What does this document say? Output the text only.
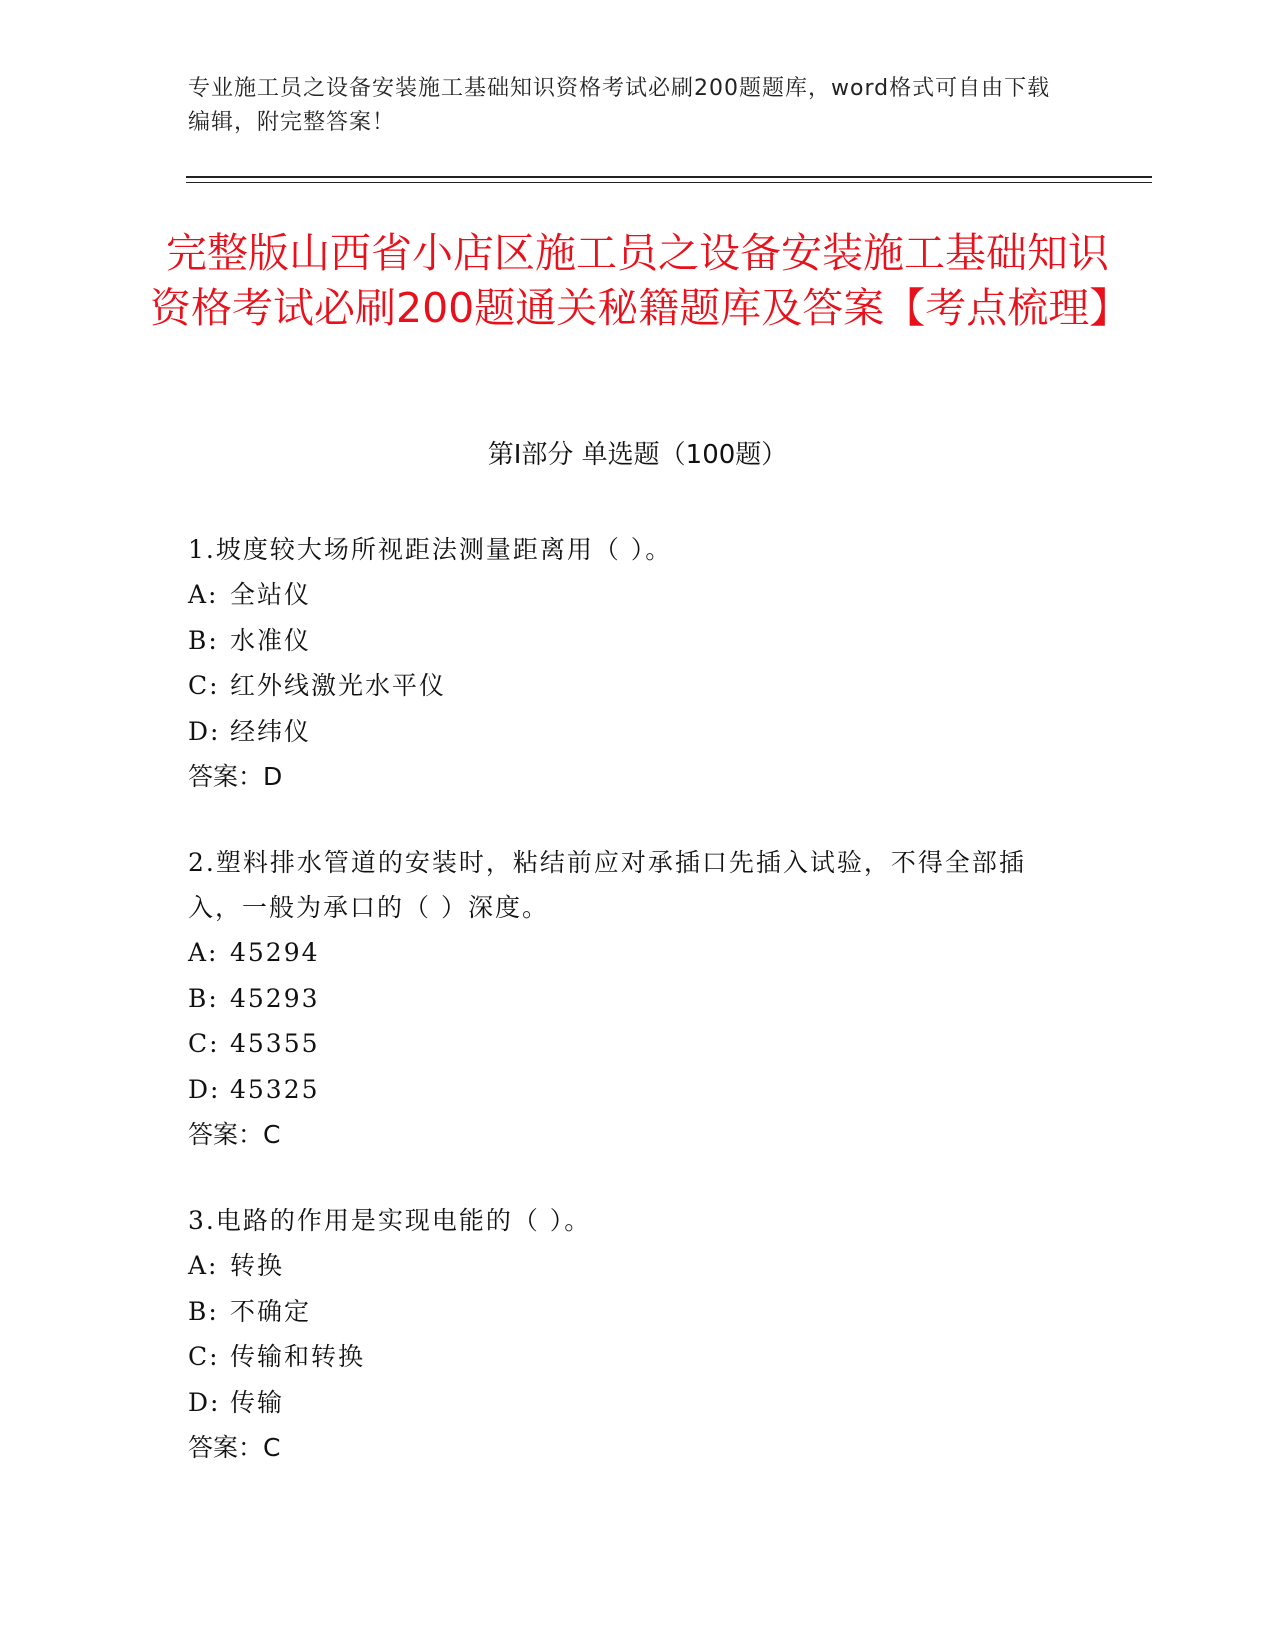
专业施工员之设备安装施工基础知识资格考试必刷200题题库，word格式可自由下载编辑，附完整答案！
完整版山西省小店区施工员之设备安装施工基础知识资格考试必刷200题通关秘籍题库及答案【考点梳理】
第Ⅰ部分 单选题（100题）

1.坡度较大场所视距法测量距离用（ ）。

A: 全站仪

B: 水准仪

C: 红外线激光水平仪

D: 经纬仪

答案：D

2.塑料排水管道的安装时，粘结前应对承插口先插入试验，不得全部插入，一般为承口的（ ）深度。

A: 45294

B: 45293

C: 45355

D: 45325

答案：C

3.电路的作用是实现电能的（ ）。

A: 转换

B: 不确定

C: 传输和转换

D: 传输

答案：C
